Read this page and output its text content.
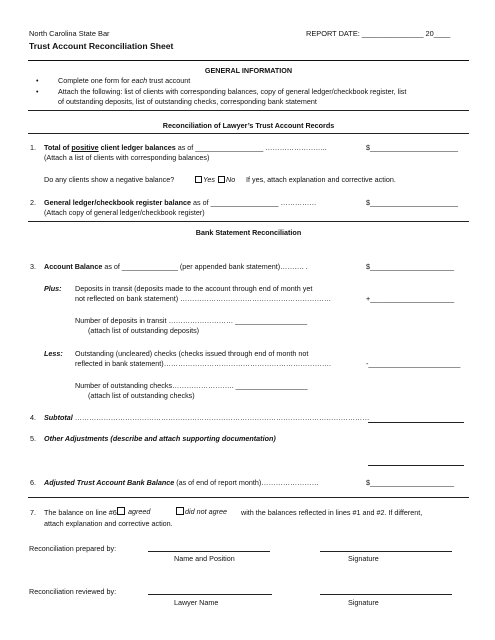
North Carolina State Bar
Trust Account Reconciliation Sheet
REPORT DATE: _______________ 20____
GENERAL INFORMATION
•	Complete one form for each trust account
•	Attach the following: list of clients with corresponding balances, copy of general ledger/checkbook register, list
of outstanding deposits, list of outstanding checks, corresponding bank statement
Reconciliation of Lawyer’s Trust Account Records
1. Total of positive client ledger balances as of _________________ ……………………..	$______________________
(Attach a list of clients with corresponding balances)
Do any clients show a negative balance?	Yes	No If yes, attach explanation and corrective action.
2. General ledger/checkbook register balance as of _________________ ……………	$______________________
(Attach copy of general ledger/checkbook register)
Bank Statement Reconciliation
3. Account Balance as of ______________ (per appended bank statement)………. .	$_____________________
Plus: Deposits in transit (deposits made to the account through end of month yet
not reflected on bank statement) ………………………………………………………	+_____________________
Number of deposits in transit ……………………… __________________
(attach list of outstanding deposits)
Less: Outstanding (uncleared) checks (checks issued through end of month not
reflected in bank statement)…………………………………………………………….	-_______________________
Number of outstanding checks…………………….. __________________
(attach list of outstanding checks)
4. Subtotal ……………………………………………………………………………………………………………
5. Other Adjustments (describe and attach supporting documentation)
6. Adjusted Trust Account Bank Balance (as of end of report month)……………………	$_____________________
7. The balance on line #6	agreed	did not agree with the balances reflected in lines #1 and #2. If different,
attach explanation and corrective action.
Reconciliation prepared by:
Name and Position	Signature
Reconciliation reviewed by:
Lawyer Name	Signature
